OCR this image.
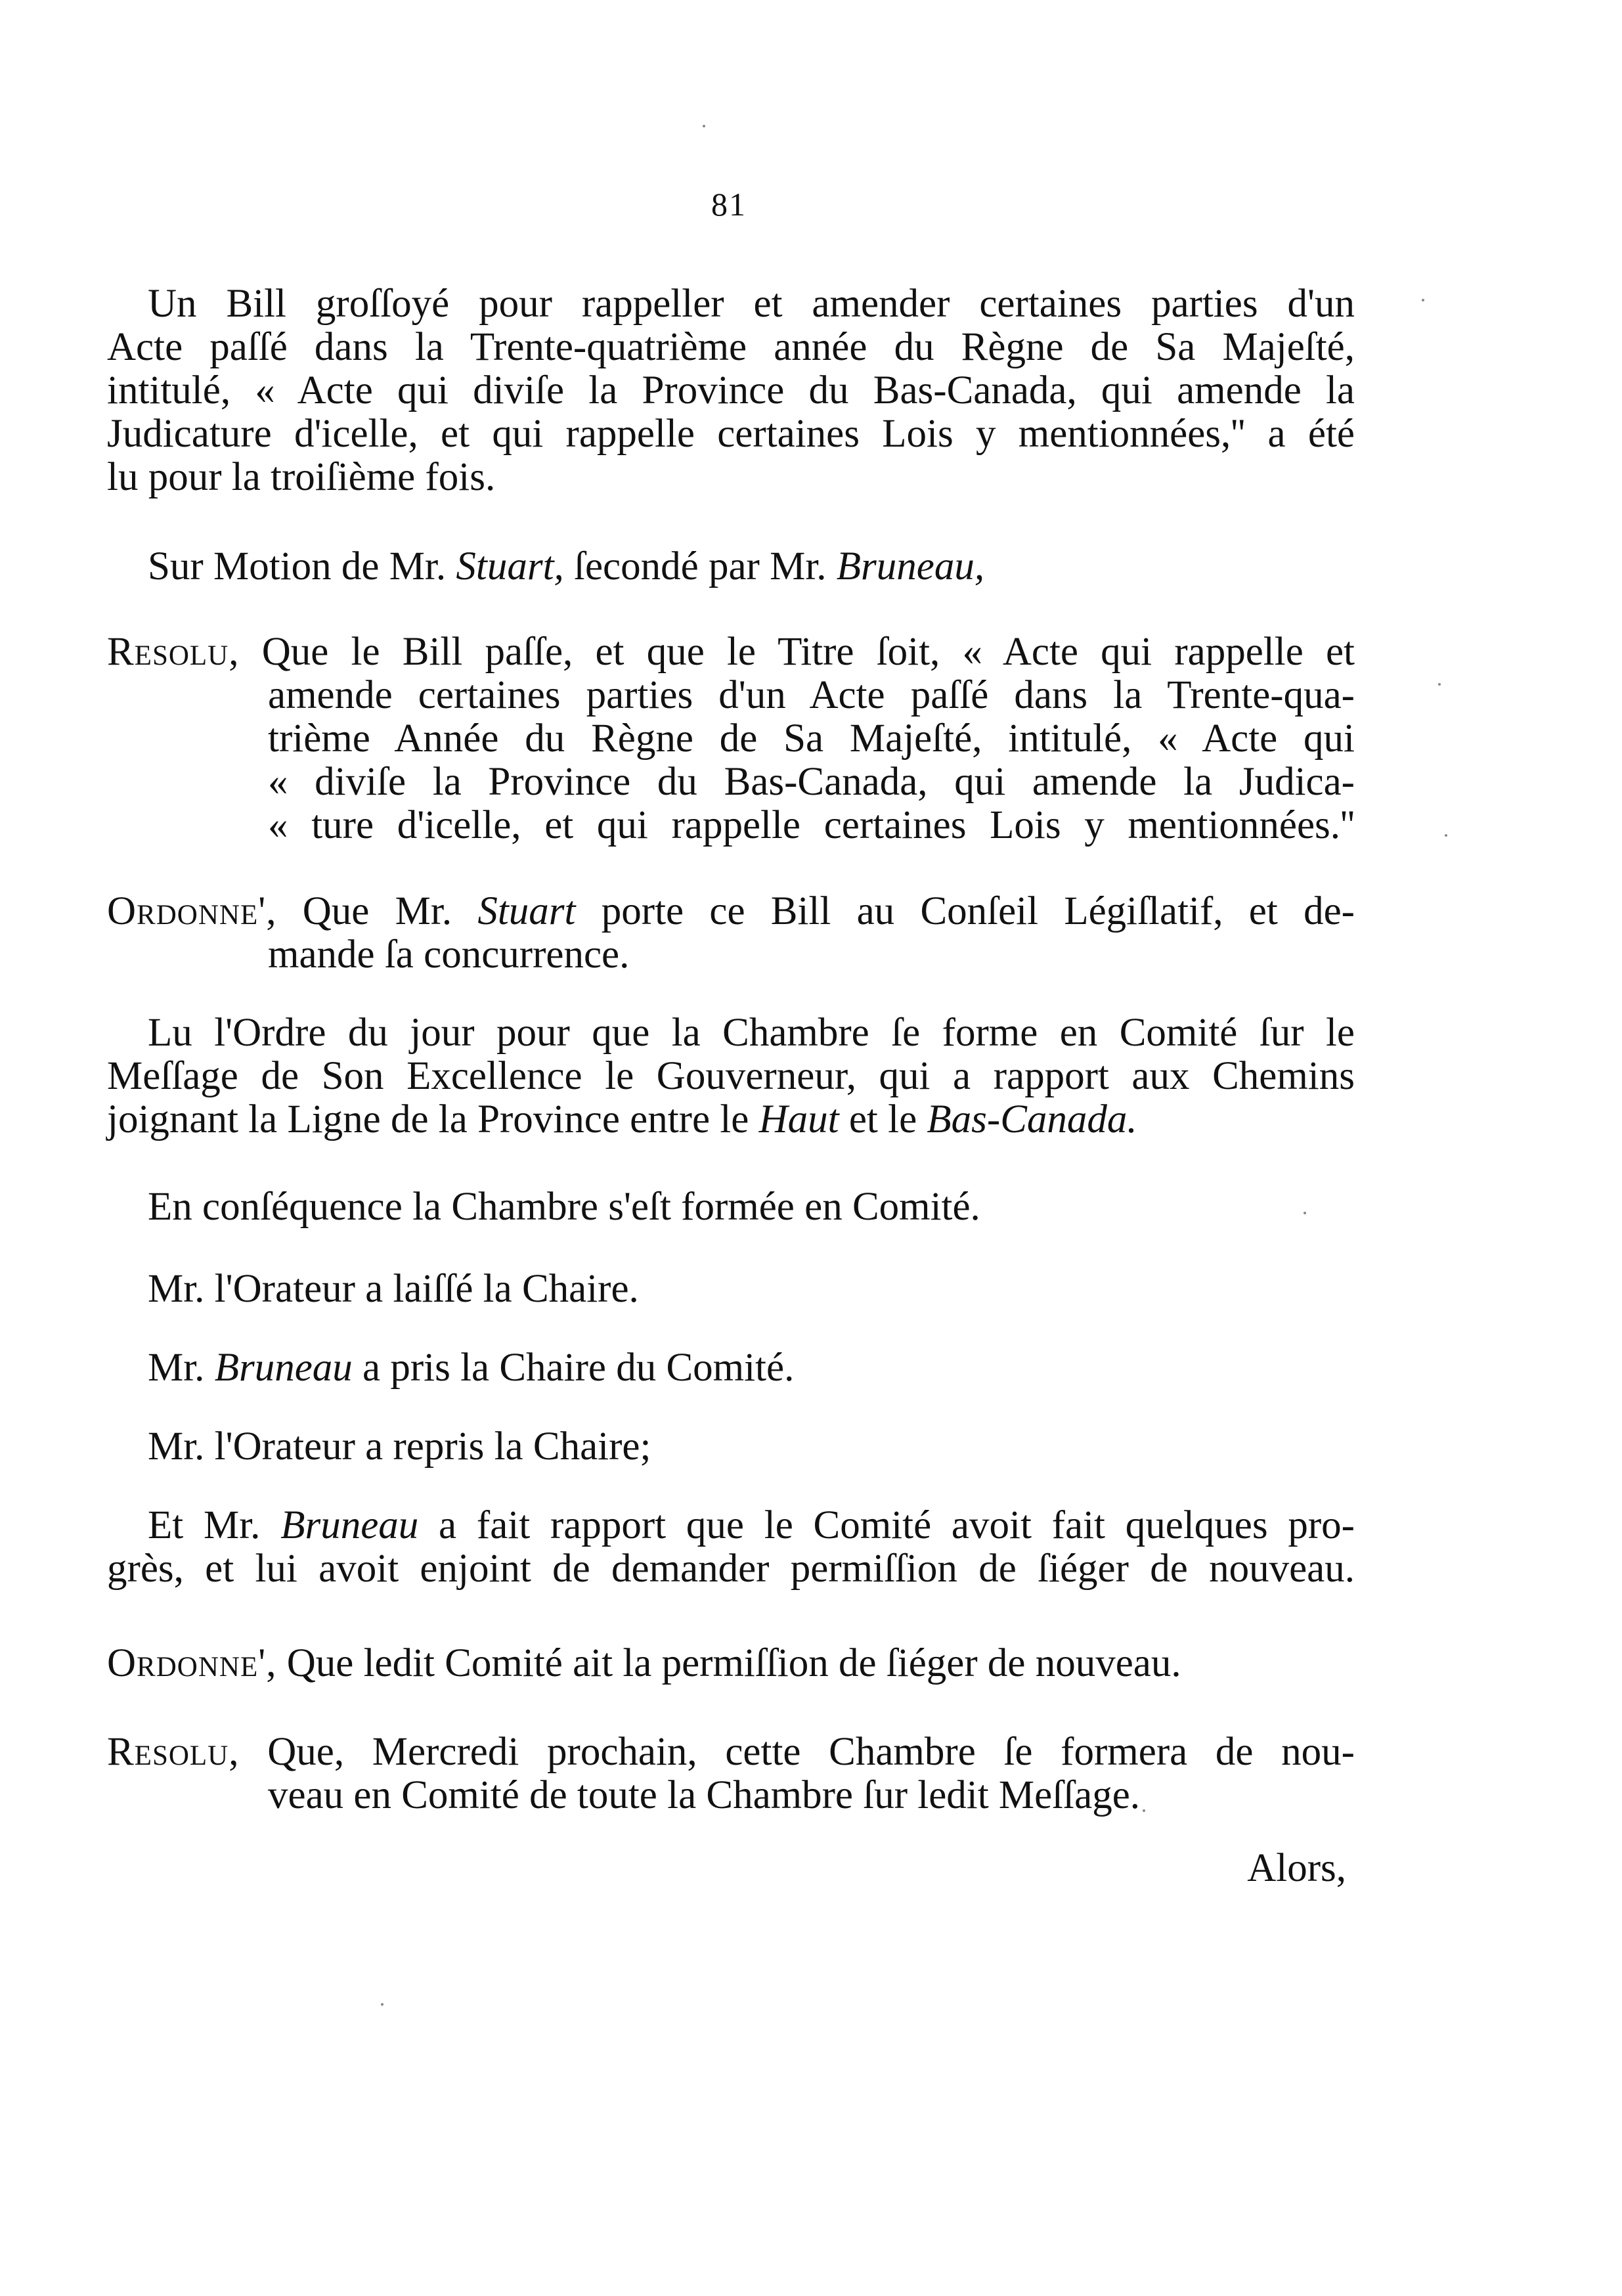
81
Un Bill groſſoyé pour rappeller et amender certaines parties d'un
Acte paſſé dans la Trente-quatrième année du Règne de Sa Majeſté,
intitulé, « Acte qui diviſe la Province du Bas-Canada, qui amende la
Judicature d'icelle, et qui rappelle certaines Lois y mentionnées,'' a été
lu pour la troiſième fois.
Sur Motion de Mr. Stuart, ſecondé par Mr. Bruneau,
Resolu, Que le Bill paſſe, et que le Titre ſoit, « Acte qui rappelle et
amende certaines parties d'un Acte paſſé dans la Trente-qua-
trième Année du Règne de Sa Majeſté, intitulé, « Acte qui
« diviſe la Province du Bas-Canada, qui amende la Judica-
« ture d'icelle, et qui rappelle certaines Lois y mentionnées.''
Ordonne', Que Mr. Stuart porte ce Bill au Conſeil Légiſlatif, et de-
mande ſa concurrence.
Lu l'Ordre du jour pour que la Chambre ſe forme en Comité ſur le
Meſſage de Son Excellence le Gouverneur, qui a rapport aux Chemins
joignant la Ligne de la Province entre le Haut et le Bas-Canada.
En conſéquence la Chambre s'eſt formée en Comité.
Mr. l'Orateur a laiſſé la Chaire.
Mr. Bruneau a pris la Chaire du Comité.
Mr. l'Orateur a repris la Chaire;
Et Mr. Bruneau a fait rapport que le Comité avoit fait quelques pro-
grès, et lui avoit enjoint de demander permiſſion de ſiéger de nouveau.
Ordonne', Que ledit Comité ait la permiſſion de ſiéger de nouveau.
Resolu, Que, Mercredi prochain, cette Chambre ſe formera de nou-
veau en Comité de toute la Chambre ſur ledit Meſſage.
Alors,
